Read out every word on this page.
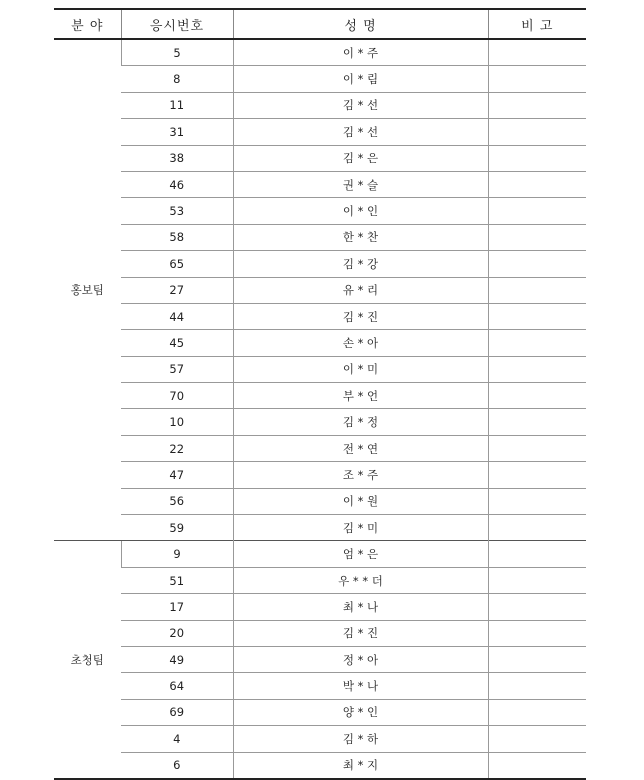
분 야	응시번호	성 명	비 고
홍보팀	5	이 * 주	
	8	이 * 림	
	11	김 * 선	
	31	김 * 선	
	38	김 * 은	
	46	권 * 슬	
	53	이 * 인	
	58	한 * 찬	
	65	김 * 강	
	27	유 * 리	
	44	김 * 진	
	45	손 * 아	
	57	이 * 미	
	70	부 * 언	
	10	김 * 정	
	22	전 * 연	
	47	조 * 주	
	56	이 * 원	
	59	김 * 미	
초청팀	9	엄 * 은	
	51	우 * * 더	
	17	최 * 나	
	20	김 * 진	
	49	정 * 아	
	64	박 * 나	
	69	양 * 인	
	4	김 * 하	
	6	최 * 지	
